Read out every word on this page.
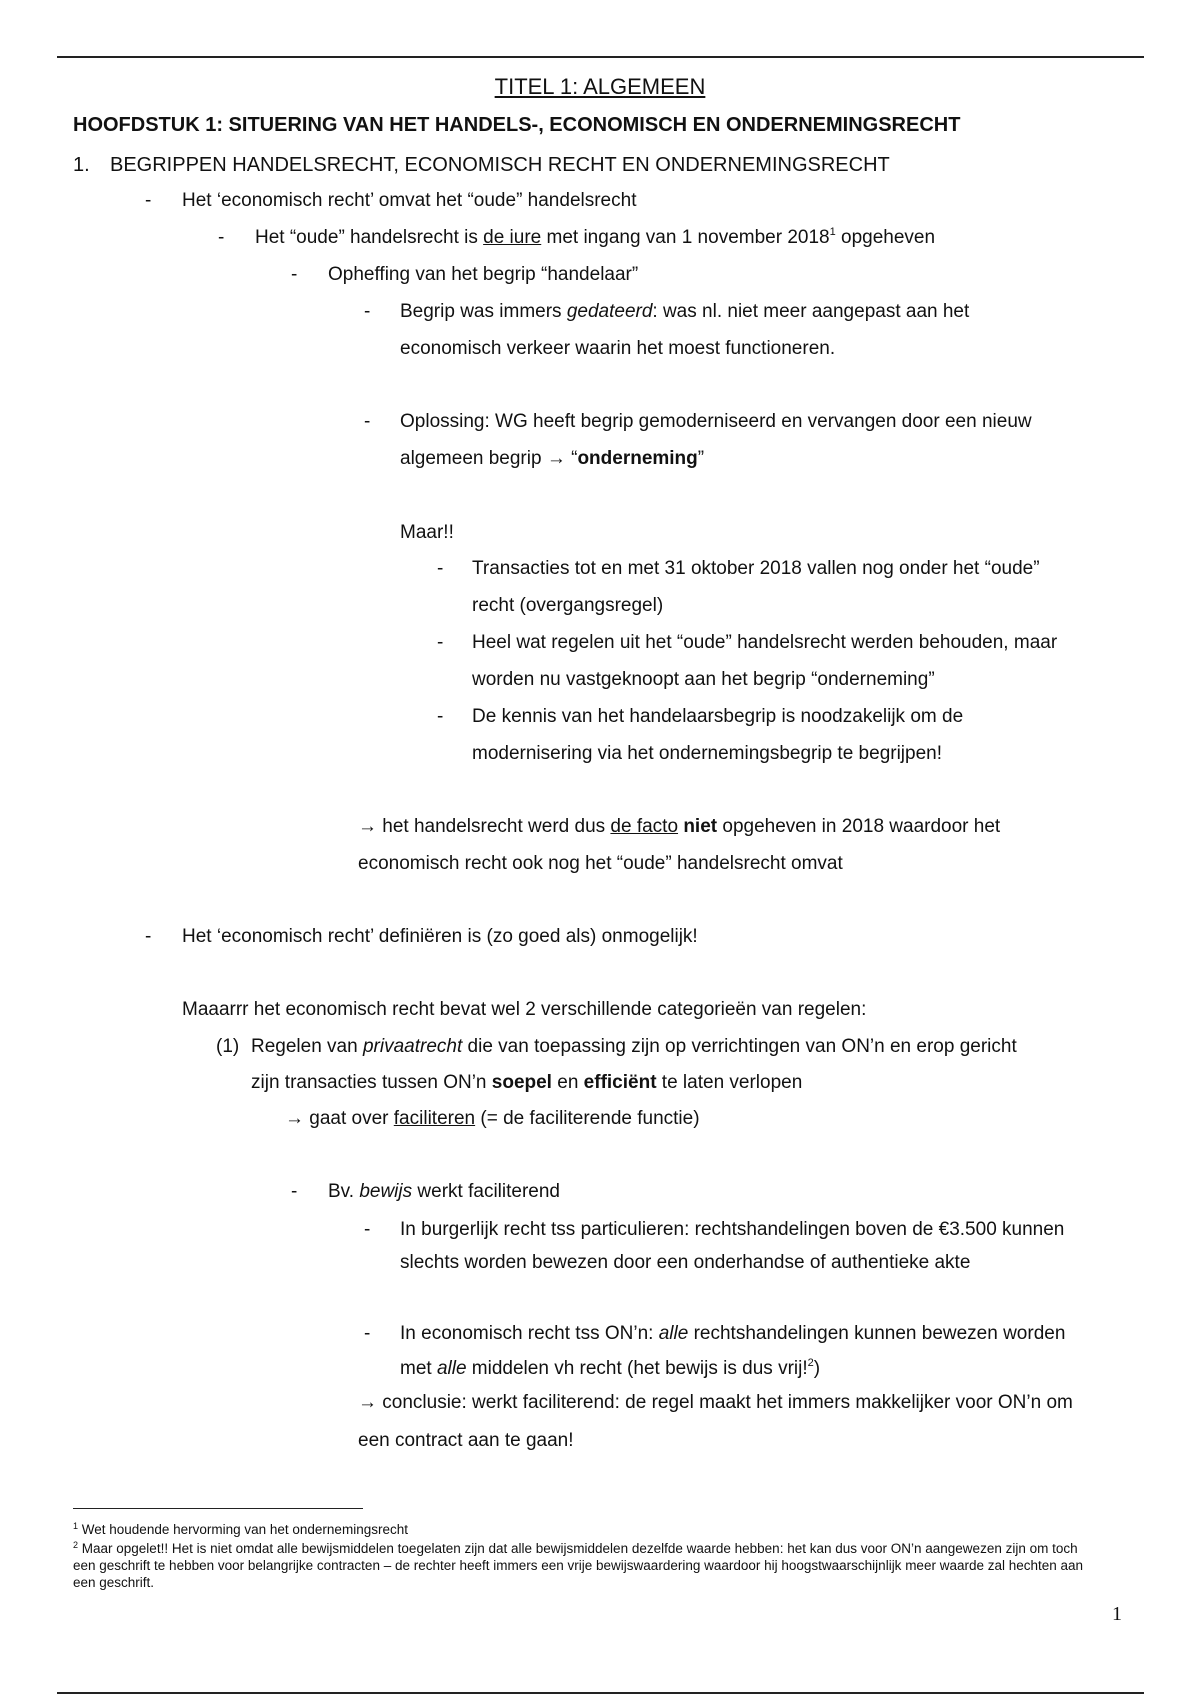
TITEL 1: ALGEMEEN
HOOFDSTUK 1: SITUERING VAN HET HANDELS-, ECONOMISCH EN ONDERNEMINGSRECHT
1. BEGRIPPEN HANDELSRECHT, ECONOMISCH RECHT EN ONDERNEMINGSRECHT
- Het ‘economisch recht’ omvat het “oude” handelsrecht
- Het “oude” handelsrecht is de iure met ingang van 1 november 2018$^1$ opgeheven
- Opheffing van het begrip “handelaar”
- Begrip was immers gedateerd: was nl. niet meer aangepast aan het
economisch verkeer waarin het moest functioneren.
- Oplossing: WG heeft begrip gemoderniseerd en vervangen door een nieuw
algemeen begrip → “onderneming”
Maar!!
- Transacties tot en met 31 oktober 2018 vallen nog onder het “oude”
recht (overgangsregel)
- Heel wat regelen uit het “oude” handelsrecht werden behouden, maar
worden nu vastgeknoopt aan het begrip “onderneming”
- De kennis van het handelaarsbegrip is noodzakelijk om de
modernisering via het ondernemingsbegrip te begrijpen!
→ het handelsrecht werd dus de facto niet opgeheven in 2018 waardoor het
economisch recht ook nog het “oude” handelsrecht omvat
- Het ‘economisch recht’ definiëren is (zo goed als) onmogelijk!
Maaarrr het economisch recht bevat wel 2 verschillende categorieën van regelen:
(1) Regelen van privaatrecht die van toepassing zijn op verrichtingen van ON’n en erop gericht
zijn transacties tussen ON’n soepel en efficiënt te laten verlopen
→ gaat over faciliteren (= de faciliterende functie)
- Bv. bewijs werkt faciliterend
- In burgerlijk recht tss particulieren: rechtshandelingen boven de €3.500 kunnen
slechts worden bewezen door een onderhandse of authentieke akte
- In economisch recht tss ON’n: alle rechtshandelingen kunnen bewezen worden
met alle middelen vh recht (het bewijs is dus vrij!$^2$)
→ conclusie: werkt faciliterend: de regel maakt het immers makkelijker voor ON’n om
een contract aan te gaan!
$^1$ Wet houdende hervorming van het ondernemingsrecht
$^2$ Maar opgelet!! Het is niet omdat alle bewijsmiddelen toegelaten zijn dat alle bewijsmiddelen dezelfde waarde hebben: het kan dus voor ON’n aangewezen zijn om toch een geschrift te hebben voor belangrijke contracten – de rechter heeft immers een vrije bewijswaardering waardoor hij hoogstwaarschijnlijk meer waarde zal hechten aan een geschrift.
1
